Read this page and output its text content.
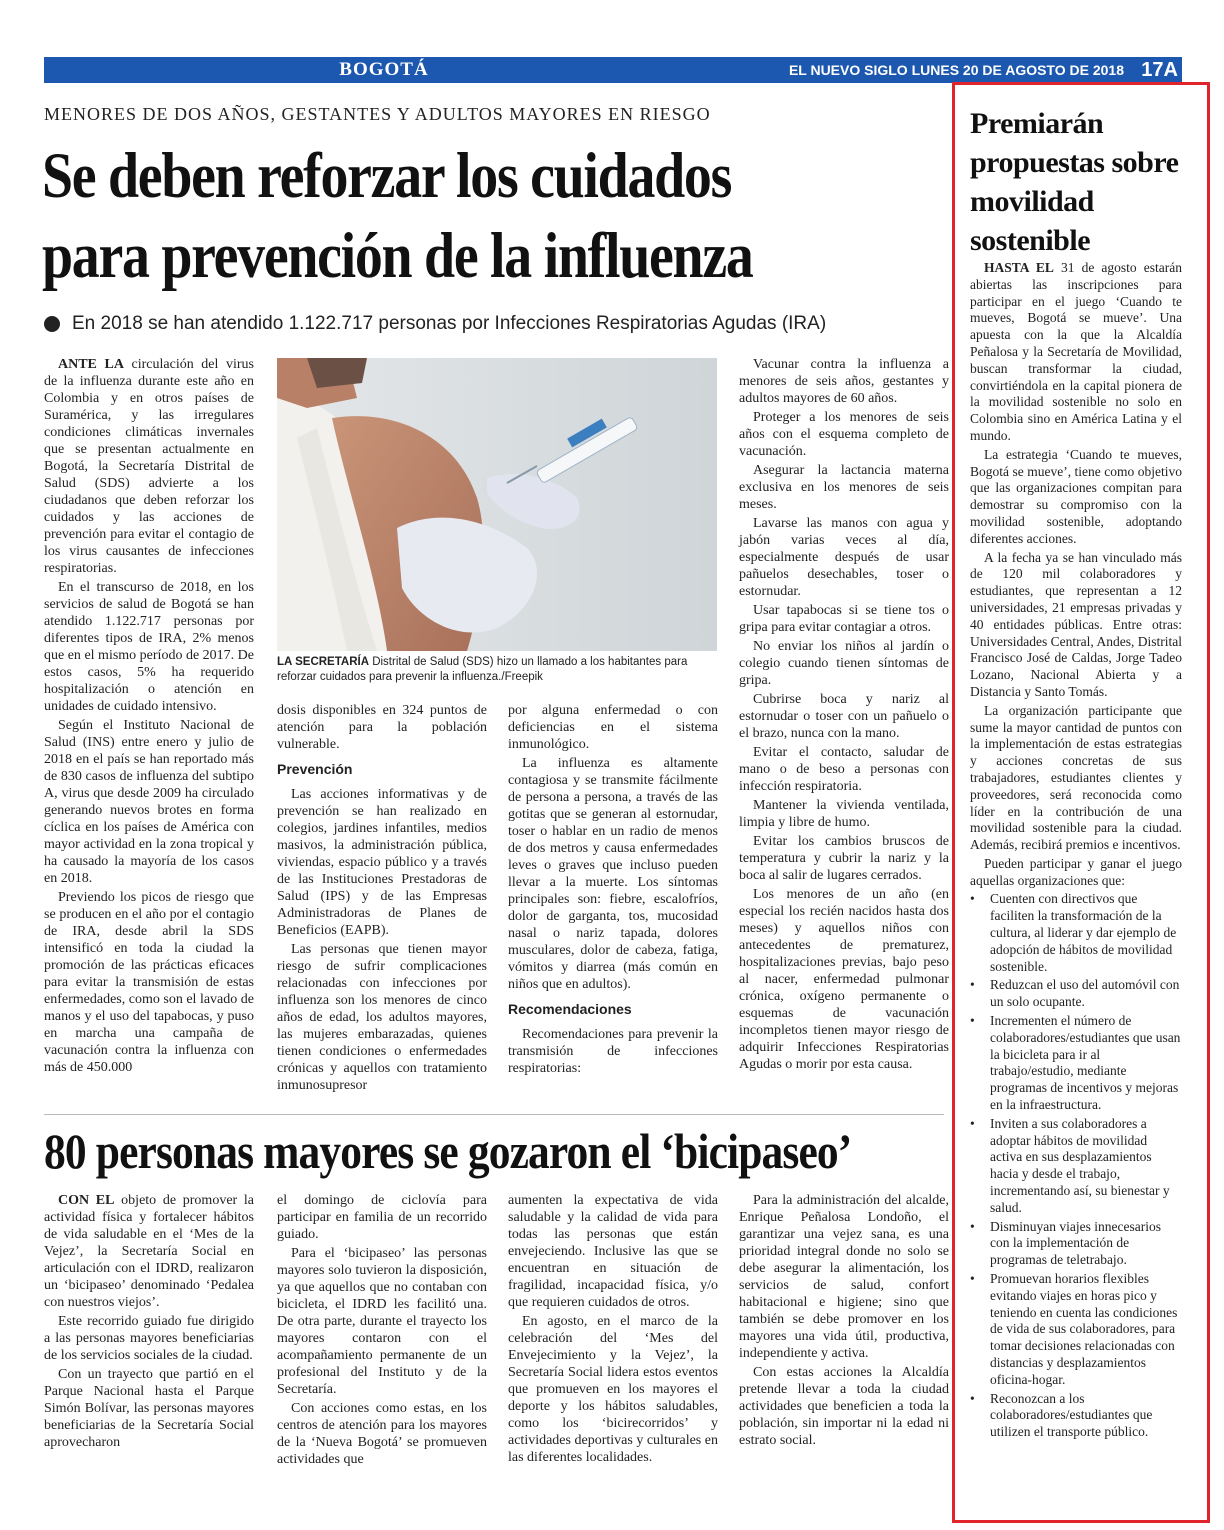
BOGOTÁ	EL NUEVO SIGLO LUNES 20 DE AGOSTO DE 2018 17A
MENORES DE DOS AÑOS, GESTANTES Y ADULTOS MAYORES EN RIESGO
Se deben reforzar los cuidados
para prevención de la influenza
En 2018 se han atendido 1.122.717 personas por Infecciones Respiratorias Agudas (IRA)

ANTE LA circulación del virus de la influenza durante este año en Colombia y en otros países de Suramérica, y las irregulares condiciones climáticas invernales que se presentan actualmente en Bogotá, la Secretaría Distrital de Salud (SDS) advierte a los ciudadanos que deben reforzar los cuidados y las acciones de prevención para evitar el contagio de los virus causantes de infecciones respiratorias.

En el transcurso de 2018, en los servicios de salud de Bogotá se han atendido 1.122.717 personas por diferentes tipos de IRA, 2% menos que en el mismo período de 2017. De estos casos, 5% ha requerido hospitalización o atención en unidades de cuidado intensivo.

Según el Instituto Nacional de Salud (INS) entre enero y julio de 2018 en el país se han reportado más de 830 casos de influenza del subtipo A, virus que desde 2009 ha circulado generando nuevos brotes en forma cíclica en los países de América con mayor actividad en la zona tropical y ha causado la mayoría de los casos en 2018.

Previendo los picos de riesgo que se producen en el año por el contagio de IRA, desde abril la SDS intensificó en toda la ciudad la promoción de las prácticas eficaces para evitar la transmisión de estas enfermedades, como son el lavado de manos y el uso del tapabocas, y puso en marcha una campaña de vacunación contra la influenza con más de 450.000

LA SECRETARÍA Distrital de Salud (SDS) hizo un llamado a los habitantes para reforzar cuidados para prevenir la influenza./Freepik

dosis disponibles en 324 puntos de atención para la población vulnerable.

Prevención

Las acciones informativas y de prevención se han realizado en colegios, jardines infantiles, medios masivos, la administración pública, viviendas, espacio público y a través de las Instituciones Prestadoras de Salud (IPS) y de las Empresas Administradoras de Planes de Beneficios (EAPB).

Las personas que tienen mayor riesgo de sufrir complicaciones relacionadas con infecciones por influenza son los menores de cinco años de edad, los adultos mayores, las mujeres embarazadas, quienes tienen condiciones o enfermedades crónicas y aquellos con tratamiento inmunosupresor

por alguna enfermedad o con deficiencias en el sistema inmunológico.

La influenza es altamente contagiosa y se transmite fácilmente de persona a persona, a través de las gotitas que se generan al estornudar, toser o hablar en un radio de menos de dos metros y causa enfermedades leves o graves que incluso pueden llevar a la muerte. Los síntomas principales son: fiebre, escalofríos, dolor de garganta, tos, mucosidad nasal o nariz tapada, dolores musculares, dolor de cabeza, fatiga, vómitos y diarrea (más común en niños que en adultos).

Recomendaciones

Recomendaciones para prevenir la transmisión de infecciones respiratorias:

Vacunar contra la influenza a menores de seis años, gestantes y adultos mayores de 60 años.

Proteger a los menores de seis años con el esquema completo de vacunación.

Asegurar la lactancia materna exclusiva en los menores de seis meses.

Lavarse las manos con agua y jabón varias veces al día, especialmente después de usar pañuelos desechables, toser o estornudar.

Usar tapabocas si se tiene tos o gripa para evitar contagiar a otros.

No enviar los niños al jardín o colegio cuando tienen síntomas de gripa.

Cubrirse boca y nariz al estornudar o toser con un pañuelo o el brazo, nunca con la mano.

Evitar el contacto, saludar de mano o de beso a personas con infección respiratoria.

Mantener la vivienda ventilada, limpia y libre de humo.

Evitar los cambios bruscos de temperatura y cubrir la nariz y la boca al salir de lugares cerrados.

Los menores de un año (en especial los recién nacidos hasta dos meses) y aquellos niños con antecedentes de prematurez, hospitalizaciones previas, bajo peso al nacer, enfermedad pulmonar crónica, oxígeno permanente o esquemas de vacunación incompletos tienen mayor riesgo de adquirir Infecciones Respiratorias Agudas o morir por esta causa.

80 personas mayores se gozaron el ‘bicipaseo’

CON EL objeto de promover la actividad física y fortalecer hábitos de vida saludable en el ‘Mes de la Vejez’, la Secretaría Social en articulación con el IDRD, realizaron un ‘bicipaseo’ denominado ‘Pedalea con nuestros viejos’.

Este recorrido guiado fue dirigido a las personas mayores beneficiarias de los servicios sociales de la ciudad.

Con un trayecto que partió en el Parque Nacional hasta el Parque Simón Bolívar, las personas mayores beneficiarias de la Secretaría Social aprovecharon

el domingo de ciclovía para participar en familia de un recorrido guiado.

Para el ‘bicipaseo’ las personas mayores solo tuvieron la disposición, ya que aquellos que no contaban con bicicleta, el IDRD les facilitó una. De otra parte, durante el trayecto los mayores contaron con el acompañamiento permanente de un profesional del Instituto y de la Secretaría.

Con acciones como estas, en los centros de atención para los mayores de la ‘Nueva Bogotá’ se promueven actividades que

aumenten la expectativa de vida saludable y la calidad de vida para todas las personas que están envejeciendo. Inclusive las que se encuentran en situación de fragilidad, incapacidad física, y/o que requieren cuidados de otros.

En agosto, en el marco de la celebración del ‘Mes del Envejecimiento y la Vejez’, la Secretaría Social lidera estos eventos que promueven en los mayores el deporte y los hábitos saludables, como los ‘bicirecorridos’ y actividades deportivas y culturales en las diferentes localidades.

Para la administración del alcalde, Enrique Peñalosa Londoño, el garantizar una vejez sana, es una prioridad integral donde no solo se debe asegurar la alimentación, los servicios de salud, confort habitacional e higiene; sino que también se debe promover en los mayores una vida útil, productiva, independiente y activa.

Con estas acciones la Alcaldía pretende llevar a toda la ciudad actividades que beneficien a toda la población, sin importar ni la edad ni estrato social.

Premiarán propuestas sobre movilidad sostenible

HASTA EL 31 de agosto estarán abiertas las inscripciones para participar en el juego ‘Cuando te mueves, Bogotá se mueve’. Una apuesta con la que la Alcaldía Peñalosa y la Secretaría de Movilidad, buscan transformar la ciudad, convirtiéndola en la capital pionera de la movilidad sostenible no solo en Colombia sino en América Latina y el mundo.

La estrategia ‘Cuando te mueves, Bogotá se mueve’, tiene como objetivo que las organizaciones compitan para demostrar su compromiso con la movilidad sostenible, adoptando diferentes acciones.

A la fecha ya se han vinculado más de 120 mil colaboradores y estudiantes, que representan a 12 universidades, 21 empresas privadas y 40 entidades públicas. Entre otras: Universidades Central, Andes, Distrital Francisco José de Caldas, Jorge Tadeo Lozano, Nacional Abierta y a Distancia y Santo Tomás.

La organización participante que sume la mayor cantidad de puntos con la implementación de estas estrategias y acciones concretas de sus trabajadores, estudiantes clientes y proveedores, será reconocida como líder en la contribución de una movilidad sostenible para la ciudad. Además, recibirá premios e incentivos.

Pueden participar y ganar el juego aquellas organizaciones que:

• Cuenten con directivos que faciliten la transformación de la cultura, al liderar y dar ejemplo de adopción de hábitos de movilidad sostenible.
• Reduzcan el uso del automóvil con un solo ocupante.
• Incrementen el número de colaboradores/estudiantes que usan la bicicleta para ir al trabajo/estudio, mediante programas de incentivos y mejoras en la infraestructura.
• Inviten a sus colaboradores a adoptar hábitos de movilidad activa en sus desplazamientos hacia y desde el trabajo, incrementando así, su bienestar y salud.
• Disminuyan viajes innecesarios con la implementación de programas de teletrabajo.
• Promuevan horarios flexibles evitando viajes en horas pico y teniendo en cuenta las condiciones de vida de sus colaboradores, para tomar decisiones relacionadas con distancias y desplazamientos oficina-hogar.
• Reconozcan a los colaboradores/estudiantes que utilizen el transporte público.
